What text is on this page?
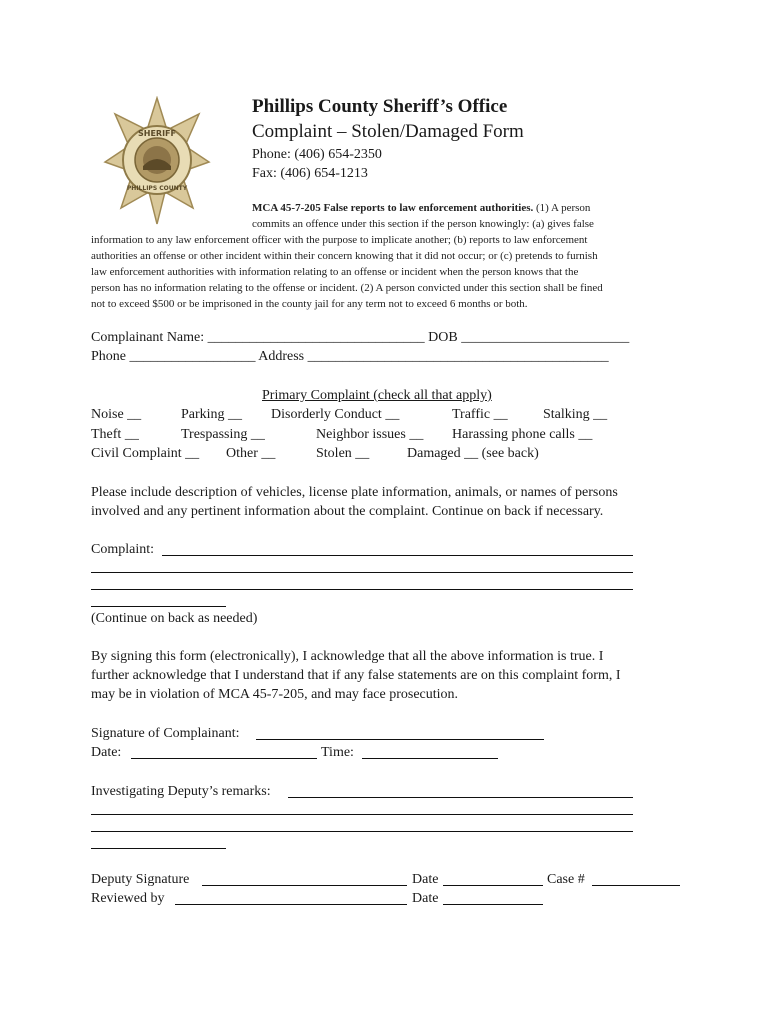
SHERIFF
PHILLIPS COUNTY
Phillips County Sheriff’s Office
Complaint – Stolen/Damaged Form
Phone: (406) 654-2350
Fax: (406) 654-1213
MCA 45-7-205 False reports to law enforcement authorities. (1) A person
commits an offence under this section if the person knowingly: (a) gives false
information to any law enforcement officer with the purpose to implicate another; (b) reports to law enforcement
authorities an offense or other incident within their concern knowing that it did not occur; or (c) pretends to furnish
law enforcement authorities with information relating to an offense or incident when the person knows that the
person has no information relating to the offense or incident. (2) A person convicted under this section shall be fined
not to exceed $500 or be imprisoned in the county jail for any term not to exceed 6 months or both.
Complainant Name: _______________________________ DOB ________________________
Phone __________________ Address ___________________________________________
Primary Complaint (check all that apply)
Noise __	Parking __ Disorderly Conduct __	Traffic __	Stalking __
Theft __	Trespassing __	Neighbor issues __ Harassing phone calls __
Civil Complaint __ Other __	Stolen __	Damaged __ (see back)
Please include description of vehicles, license plate information, animals, or names of persons
involved and any pertinent information about the complaint. Continue on back if necessary.
Complaint:
(Continue on back as needed)
By signing this form (electronically), I acknowledge that all the above information is true. I
further acknowledge that I understand that if any false statements are on this complaint form, I
may be in violation of MCA 45-7-205, and may face prosecution.
Signature of Complainant:
Date:	Time:
Investigating Deputy’s remarks:
Deputy Signature	Date	Case #
Reviewed by	Date
